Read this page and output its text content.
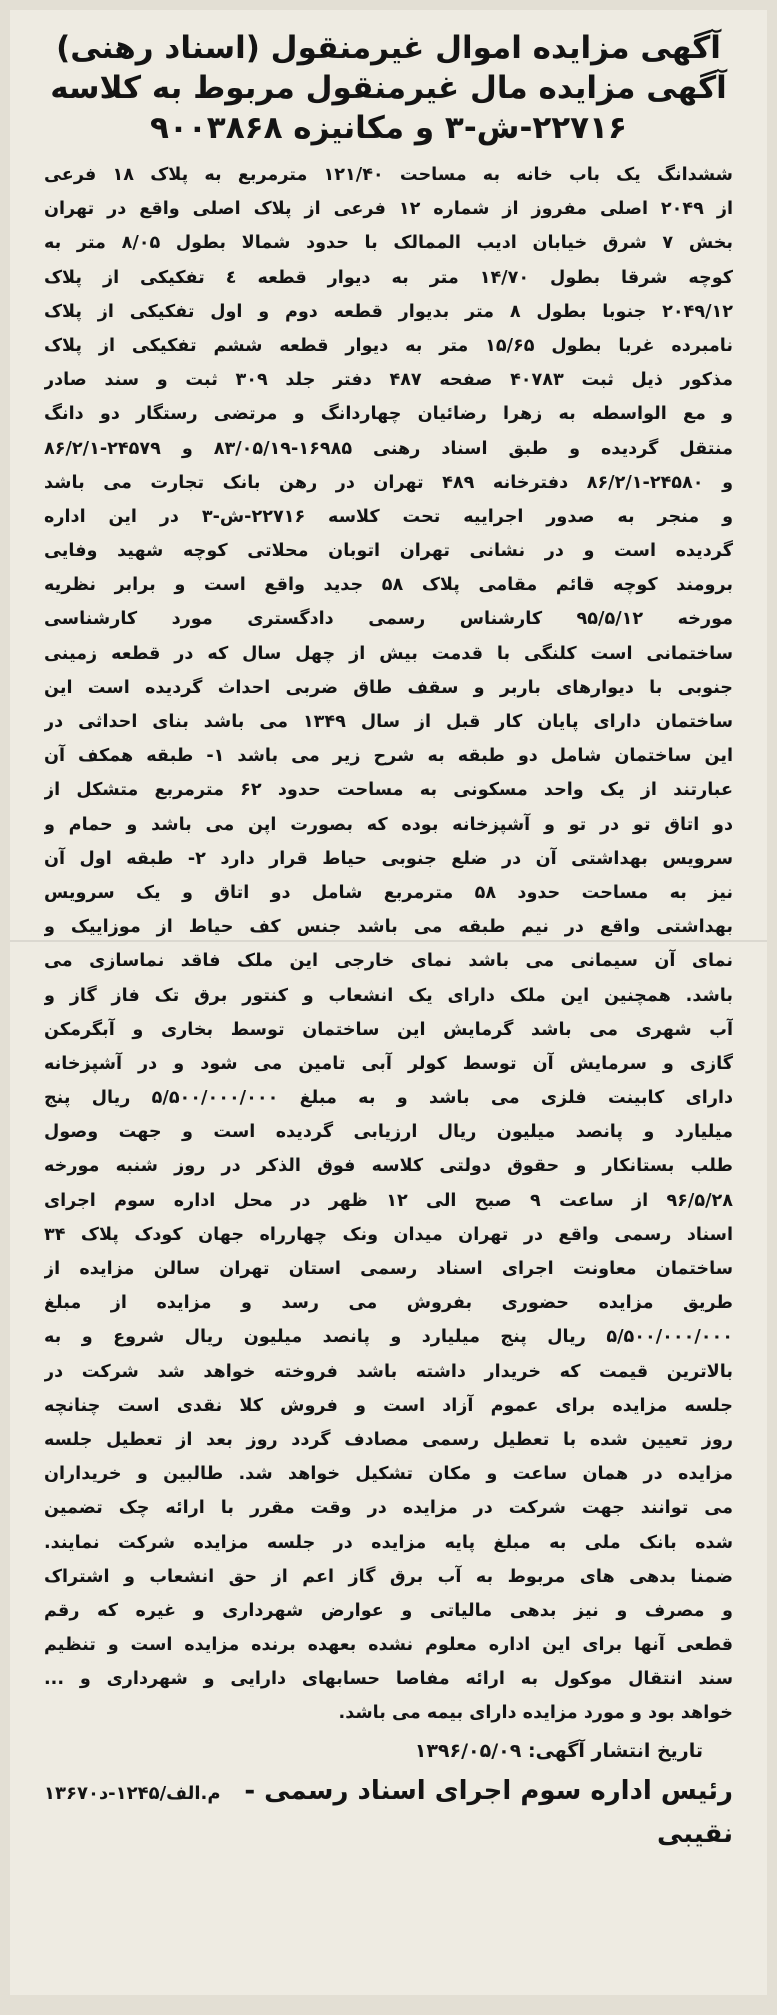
آگهی مزایده اموال غیرمنقول (اسناد رهنی)

آگهی مزایده مال غیرمنقول مربوط به کلاسه

۲۲۷۱۶-ش-۳ و مکانیزه ۹۰۰۳۸۶۸

ششدانگ یک باب خانه به مساحت ۱۲۱/۴۰ مترمربع به پلاک ۱۸ فرعی
از ۲۰۴۹ اصلی مفروز از شماره ۱۲ فرعی از پلاک اصلی واقع در تهران
بخش ۷ شرق خیابان ادیب الممالک با حدود شمالا بطول ۸/۰۵ متر به
کوچه شرقا بطول ۱۴/۷۰ متر به دیوار قطعه ٤ تفکیکی از پلاک
۲۰۴۹/۱۲ جنوبا بطول ۸ متر بدیوار قطعه دوم و اول تفکیکی از پلاک
نامبرده غربا بطول ۱۵/۶۵ متر به دیوار قطعه ششم تفکیکی از پلاک
مذکور ذیل ثبت ۴۰۷۸۳ صفحه ۴۸۷ دفتر جلد ۳۰۹ ثبت و سند صادر
و مع الواسطه به زهرا رضائیان چهاردانگ و مرتضی رستگار دو دانگ
منتقل گردیده و طبق اسناد رهنی ۱۶۹۸۵-۸۳/۰۵/۱۹ و ۲۴۵۷۹-۸۶/۲/۱
و ۲۴۵۸۰-۸۶/۲/۱ دفترخانه ۴۸۹ تهران در رهن بانک تجارت می باشد
و منجر به صدور اجراییه تحت کلاسه ۲۲۷۱۶-ش-۳ در این اداره
گردیده است و در نشانی تهران اتوبان محلاتی کوچه شهید وفایی
برومند کوچه قائم مقامی پلاک ۵۸ جدید واقع است و برابر نظریه
مورخه ۹۵/۵/۱۲ کارشناس رسمی دادگستری مورد کارشناسی
ساختمانی است کلنگی با قدمت بیش از چهل سال که در قطعه زمینی
جنوبی با دیوارهای باربر و سقف طاق ضربی احداث گردیده است این
ساختمان دارای پایان کار قبل از سال ۱۳۴۹ می باشد بنای احداثی در
این ساختمان شامل دو طبقه به شرح زیر می باشد ۱- طبقه همکف آن
عبارتند از یک واحد مسکونی به مساحت حدود ۶۲ مترمربع متشکل از
دو اتاق تو در تو و آشپزخانه بوده که بصورت اپن می باشد و حمام و
سرویس بهداشتی آن در ضلع جنوبی حیاط قرار دارد ۲- طبقه اول آن
نیز به مساحت حدود ۵۸ مترمربع شامل دو اتاق و یک سرویس
بهداشتی واقع در نیم طبقه می باشد جنس کف حیاط از موزاییک و
نمای آن سیمانی می باشد نمای خارجی این ملک فاقد نماسازی می
باشد. همچنین این ملک دارای یک انشعاب و کنتور برق تک فاز گاز و
آب شهری می باشد گرمایش این ساختمان توسط بخاری و آبگرمکن
گازی و سرمایش آن توسط کولر آبی تامین می شود و در آشپزخانه
دارای کابینت فلزی می باشد و به مبلغ ۵/۵۰۰/۰۰۰/۰۰۰ ریال پنج
میلیارد و پانصد میلیون ریال ارزیابی گردیده است و جهت وصول
طلب بستانکار و حقوق دولتی کلاسه فوق الذکر در روز شنبه مورخه
۹۶/۵/۲۸ از ساعت ۹ صبح الی ۱۲ ظهر در محل اداره سوم اجرای
اسناد رسمی واقع در تهران میدان ونک چهارراه جهان کودک پلاک ۳۴
ساختمان معاونت اجرای اسناد رسمی استان تهران سالن مزایده از
طریق مزایده حضوری بفروش می رسد و مزایده از مبلغ
۵/۵۰۰/۰۰۰/۰۰۰ ریال پنج میلیارد و پانصد میلیون ریال شروع و به
بالاترین قیمت که خریدار داشته باشد فروخته خواهد شد شرکت در
جلسه مزایده برای عموم آزاد است و فروش کلا نقدی است چنانچه
روز تعیین شده با تعطیل رسمی مصادف گردد روز بعد از تعطیل جلسه
مزایده در همان ساعت و مکان تشکیل خواهد شد. طالبین و خریداران
می توانند جهت شرکت در مزایده در وقت مقرر با ارائه چک تضمین
شده بانک ملی به مبلغ پایه مزایده در جلسه مزایده شرکت نمایند.
ضمنا بدهی های مربوط به آب برق گاز اعم از حق انشعاب و اشتراک
و مصرف و نیز بدهی مالیاتی و عوارض شهرداری و غیره که رقم
قطعی آنها برای این اداره معلوم نشده بعهده برنده مزایده است و تنظیم
سند انتقال موکول به ارائه مفاصا حسابهای دارایی و شهرداری و ...
خواهد بود و مورد مزایده دارای بیمه می باشد.
تاریخ انتشار آگهی: ۱۳۹۶/۰۵/۰۹
رئیس اداره سوم اجرای اسناد رسمی -
۱۳۶۷۰م.الف/۱۲۴۵-د
نقیبی
